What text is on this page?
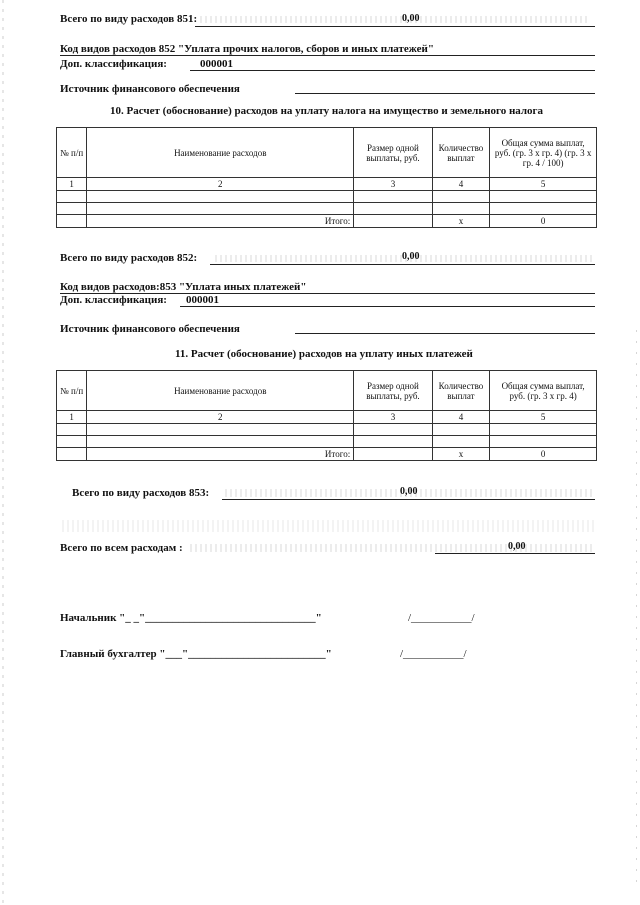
Всего по виду расходов 851:	0,00
Код видов расходов 852 "Уплата прочих налогов, сборов и иных платежей"
Доп. классификация:	000001
Источник финансового обеспечения
10. Расчет (обоснование) расходов на уплату налога на имущество и земельного налога
№ п/п	Наименование расходов	Размер одной выплаты, руб.	Количество выплат	Общая сумма выплат, руб. (гр. 3 х гр. 4) (гр. 3 х гр. 4 / 100)
1	2	3	4	5

	Итого:		х	0
Всего по виду расходов 852:	0,00
Код видов расходов:853 "Уплата иных платежей"
Доп. классификация: 000001
Источник финансового обеспечения
11. Расчет (обоснование) расходов на уплату иных платежей
№ п/п	Наименование расходов	Размер одной выплаты, руб.	Количество выплат	Общая сумма выплат, руб. (гр. 3 х гр. 4)
1	2	3	4	5

	Итого:		х	0
Всего по виду расходов 853:	0,00
Всего по всем расходам :	0,00
Начальник "_ _"_______________________________"	/___________/
Главный бухгалтер "___"_________________________"	/___________/
